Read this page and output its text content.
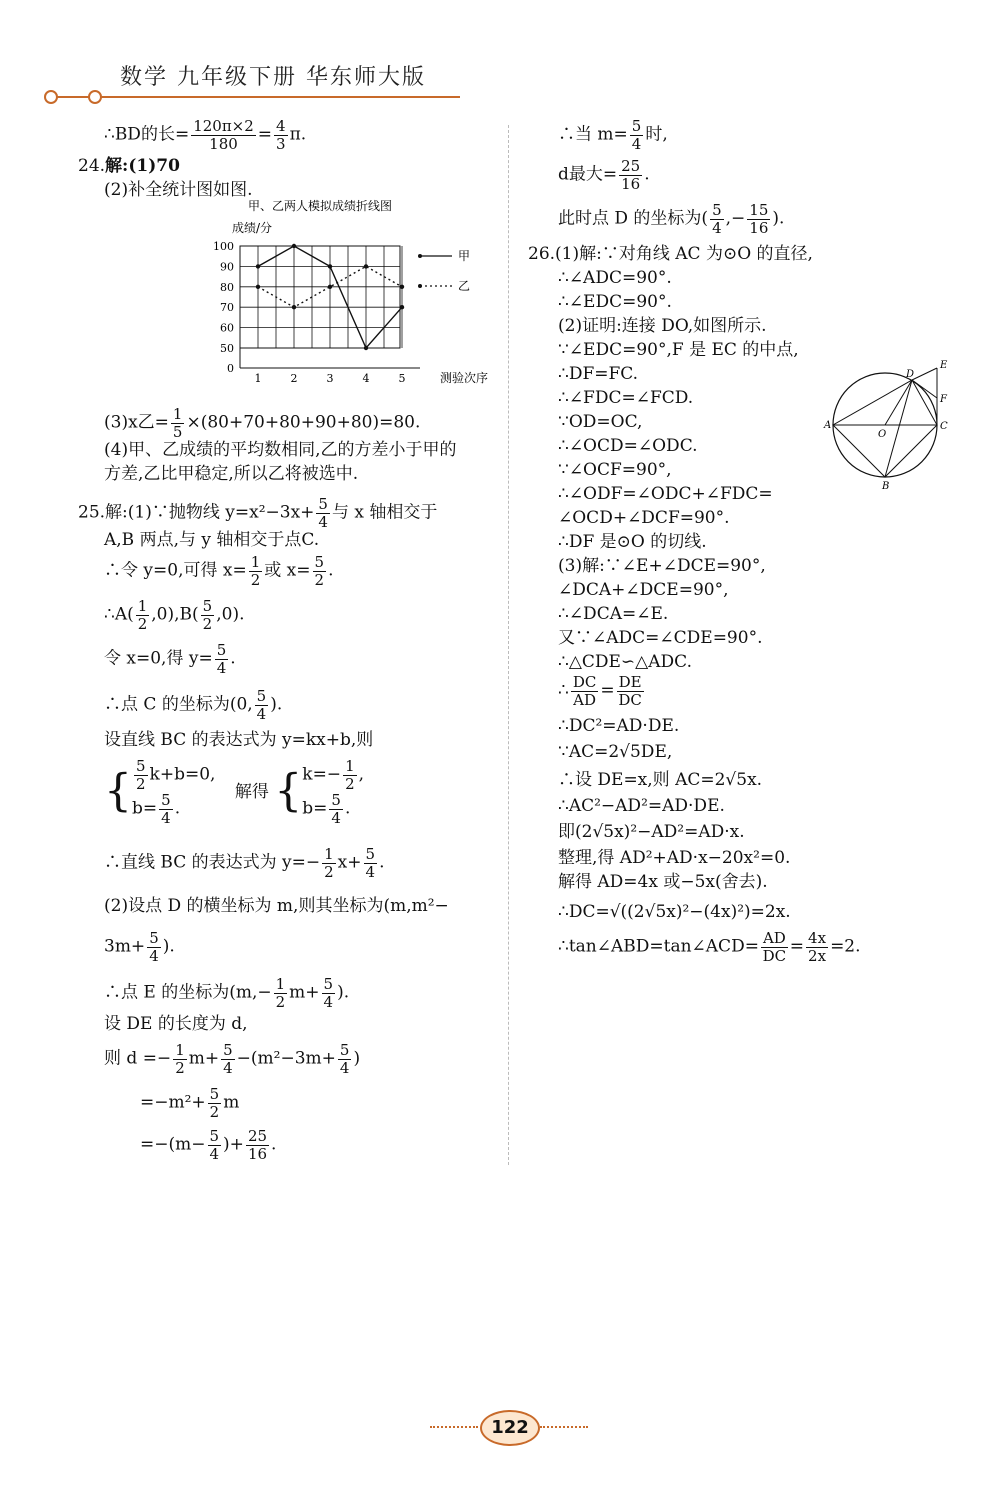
数学 九年级下册 华东师大版
∴BD的长= $\frac{120\pi\times 2}{180} = \frac{4}{3} \pi$.
24.解:(1)70
(2)补全统计图如图.
甲、乙两人模拟成绩折线图
成绩/分
测验次序
0
50
60
70
80
90
100
1	2	3	4	5
甲
乙
(3)x乙= $\frac{1}{5} \times(80+70+80+90+80)=80$.
(4)甲、乙成绩的平均数相同,乙的方差小于甲的
方差,乙比甲稳定,所以乙将被选中.
25.解:(1)∵抛物线 $y=x^2-3x+ \frac{5}{4}$ 与 x 轴相交于
A,B 两点,与 y 轴相交于点C.
∴令 y=0,可得 $x= \frac{1}{2}$ 或 $x= \frac{5}{2}$ .
∴A( $\frac{1}{2} ,0),B( \frac{5}{2} ,0)$.
令 x=0,得 $y= \frac{5}{4}$ .
∴点 C 的坐标为(0, $\frac{5}{4}$ ).
设直线 BC 的表达式为 y=kx+b,则
{ $\frac{5}{2} k+b=0$,
$b= \frac{5}{4}$ .
解得 { $k=- \frac{1}{2}$ ,
$b= \frac{5}{4}$ .
∴直线 BC 的表达式为 $y=- \frac{1}{2} x+ \frac{5}{4}$ .
(2)设点 D 的横坐标为 m,则其坐标为(m,m²−
$3m+ \frac{5}{4}$ ).
∴点 E 的坐标为($m,- \frac{1}{2} m+ \frac{5}{4}$ ).
设 DE 的长度为 d,
则 $d =- \frac{1}{2} m+ \frac{5}{4} -(m^2-3m+ \frac{5}{4}$ )
$=-m^2+ \frac{5}{2}$ m
$=-(m- \frac{5}{4}$ )+ $\frac{25}{16}$ .
∴当 $m= \frac{5}{4}$ 时,
d最大= $\frac{25}{16}$ .
此时点 D 的坐标为( $\frac{5}{4}$ ,− $\frac{15}{16}$ ).
26.(1)解:∵对角线 AC 为⊙O 的直径,
∴∠ADC=90°.
∴∠EDC=90°.
(2)证明:连接 DO,如图所示.
∵∠EDC=90°,F 是 EC 的中点,
∴DF=FC.
∴∠FDC=∠FCD.
∵OD=OC,
∴∠OCD=∠ODC.
∵∠OCF=90°,
∴∠ODF=∠ODC+∠FDC=
∠OCD+∠DCF=90°.
∴DF 是⊙O 的切线.
(3)解:∵∠E+∠DCE=90°,
∠DCA+∠DCE=90°,
∴∠DCA=∠E.
又∵∠ADC=∠CDE=90°.
∴△CDE∽△ADC.
∴ $\frac{DC}{AD} = \frac{DE}{DC}$
∴DC²=AD·DE.
∵AC=2√5DE,
∴设 DE=x,则 AC=2√5x.
∴AC²−AD²=AD·DE.
即(2√5x)²−AD²=AD·x.
整理,得 AD²+AD·x−20x²=0.
解得 AD=4x 或−5x(舍去).
∴DC=√((2√5x)²−(4x)²)=2x.
∴tan∠ABD=tan∠ACD= $\frac{AD}{DC} = \frac{4x}{2x} =2$.
A
B
C
D
E
F
O
122
